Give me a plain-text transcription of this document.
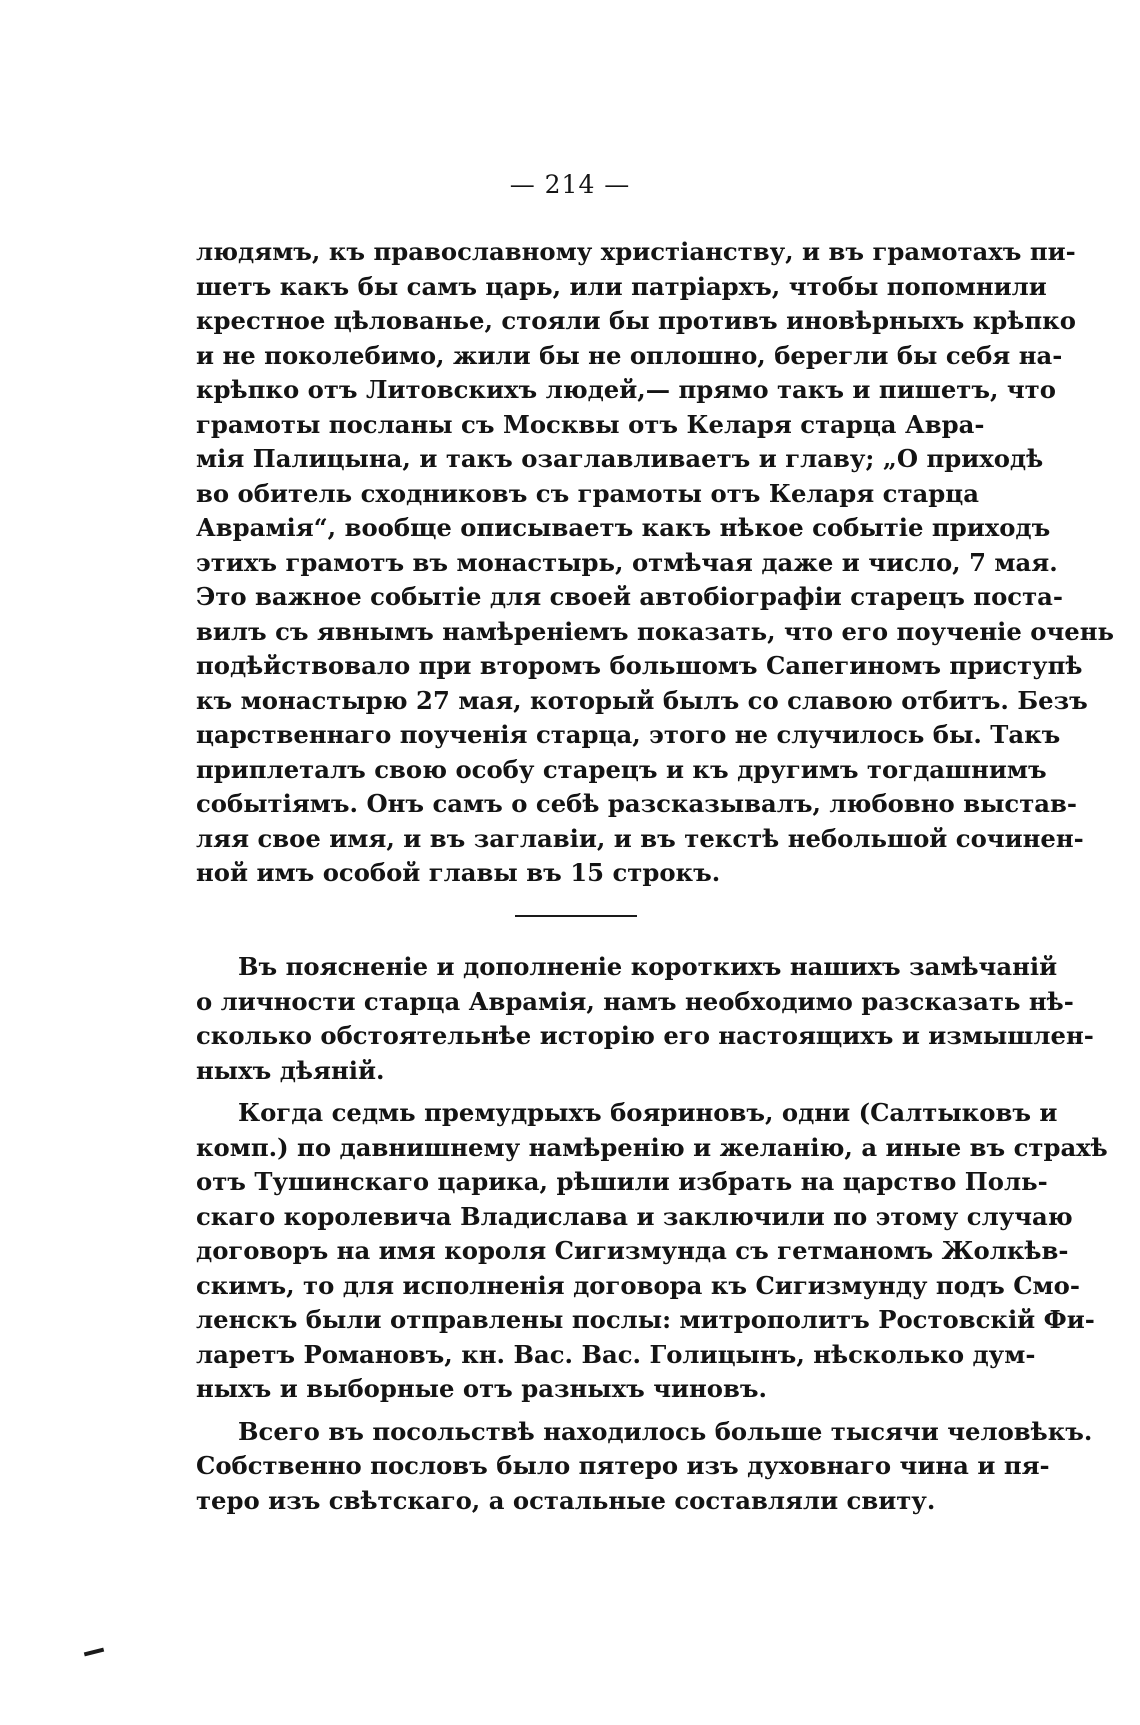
— 214 —
людямъ, къ православному христіанству, и въ грамотахъ пи-
шетъ какъ бы самъ царь, или патріархъ, чтобы попомнили
крестное цѣлованье, стояли бы противъ иновѣрныхъ крѣпко
и не поколебимо, жили бы не оплошно, берегли бы себя на-
крѣпко отъ Литовскихъ людей,— прямо такъ и пишетъ, что
грамоты посланы съ Москвы отъ Келаря старца Авра-
мія Палицына, и такъ озаглавливаетъ и главу; „О приходѣ
во обитель сходниковъ съ грамоты отъ Келаря старца
Аврамія“, вообще описываетъ какъ нѣкое событіе приходъ
этихъ грамотъ въ монастырь, отмѣчая даже и число, 7 мая.
Это важное событіе для своей автобіографіи старецъ поста-
вилъ съ явнымъ намѣреніемъ показать, что его поученіе очень
подѣйствовало при второмъ большомъ Сапегиномъ приступѣ
къ монастырю 27 мая, который былъ со славою отбитъ. Безъ
царственнаго поученія старца, этого не случилось бы. Такъ
приплеталъ свою особу старецъ и къ другимъ тогдашнимъ
событіямъ. Онъ самъ о себѣ разсказывалъ, любовно выстав-
ляя свое имя, и въ заглавіи, и въ текстѣ небольшой сочинен-
ной имъ особой главы въ 15 строкъ.
Въ поясненіе и дополненіе короткихъ нашихъ замѣчаній
о личности старца Аврамія, намъ необходимо разсказать нѣ-
сколько обстоятельнѣе исторію его настоящихъ и измышлен-
ныхъ дѣяній.
Когда седмь премудрыхъ бояриновъ, одни (Салтыковъ и
комп.) по давнишнему намѣренію и желанію, а иные въ страхѣ
отъ Тушинскаго царика, рѣшили избрать на царство Поль-
скаго королевича Владислава и заключили по этому случаю
договоръ на имя короля Сигизмунда съ гетманомъ Жолкѣв-
скимъ, то для исполненія договора къ Сигизмунду подъ Смо-
ленскъ были отправлены послы: митрополитъ Ростовскій Фи-
ларетъ Романовъ, кн. Вас. Вас. Голицынъ, нѣсколько дум-
ныхъ и выборные отъ разныхъ чиновъ.
Всего въ посольствѣ находилось больше тысячи человѣкъ.
Собственно пословъ было пятеро изъ духовнаго чина и пя-
теро изъ свѣтскаго, а остальные составляли свиту.
